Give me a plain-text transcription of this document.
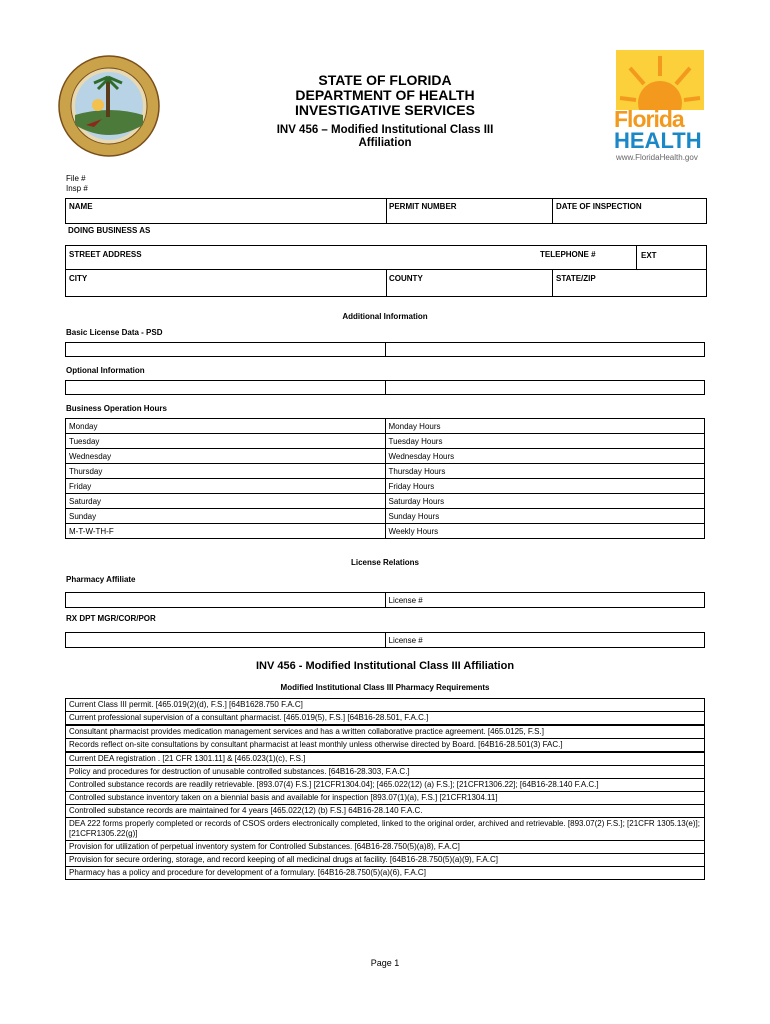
STATE OF FLORIDA
DEPARTMENT OF HEALTH
INVESTIGATIVE SERVICES
INV 456 – Modified Institutional Class III
Affiliation
Florida
HEALTH
www.FloridaHealth.gov
File #
Insp #
NAME	PERMIT NUMBER	DATE OF INSPECTION
DOING BUSINESS AS
STREET ADDRESS	TELEPHONE #	EXT
CITY	COUNTY	STATE/ZIP
Additional Information
Basic License Data - PSD

Optional Information

Business Operation Hours
Monday	Monday Hours
Tuesday	Tuesday Hours
Wednesday	Wednesday Hours
Thursday	Thursday Hours
Friday	Friday Hours
Saturday	Saturday Hours
Sunday	Sunday Hours
M-T-W-TH-F	Weekly Hours
License Relations
Pharmacy Affiliate
	License #
RX DPT MGR/COR/POR
	License #
INV 456 - Modified Institutional Class III Affiliation
Modified Institutional Class III Pharmacy Requirements
Current Class III permit. [465.019(2)(d), F.S.] [64B1628.750 F.A.C]
Current professional supervision of a consultant pharmacist. [465.019(5), F.S.] [64B16-28.501, F.A.C.]
Consultant pharmacist provides medication management services and has a written collaborative practice agreement. [465.0125, F.S.]
Records reflect on-site consultations by consultant pharmacist at least monthly unless otherwise directed by Board. [64B16-28.501(3) FAC.]
Current DEA registration . [21 CFR 1301.11] & [465.023(1)(c), F.S.]
Policy and procedures for destruction of unusable controlled substances. [64B16-28.303, F.A.C.]
Controlled substance records are readily retrievable. [893.07(4) F.S.] [21CFR1304.04]; [465.022(12) (a) F.S.]; [21CFR1306.22]; [64B16-28.140 F.A.C.]
Controlled substance inventory taken on a biennial basis and available for inspection [893.07(1)(a), F.S.] [21CFR1304.11]
Controlled substance records are maintained for 4 years [465.022(12) (b) F.S.] 64B16-28.140 F.A.C.
DEA 222 forms properly completed or records of CSOS orders electronically completed, linked to the original order, archived and retrievable. [893.07(2) F.S.]; [21CFR 1305.13(e)]; [21CFR1305.22(g)]
Provision for utilization of perpetual inventory system for Controlled Substances. [64B16-28.750(5)(a)8), F.A.C]
Provision for secure ordering, storage, and record keeping of all medicinal drugs at facility. [64B16-28.750(5)(a)(9), F.A.C]
Pharmacy has a policy and procedure for development of a formulary. [64B16-28.750(5)(a)(6), F.A.C]
Page 1
